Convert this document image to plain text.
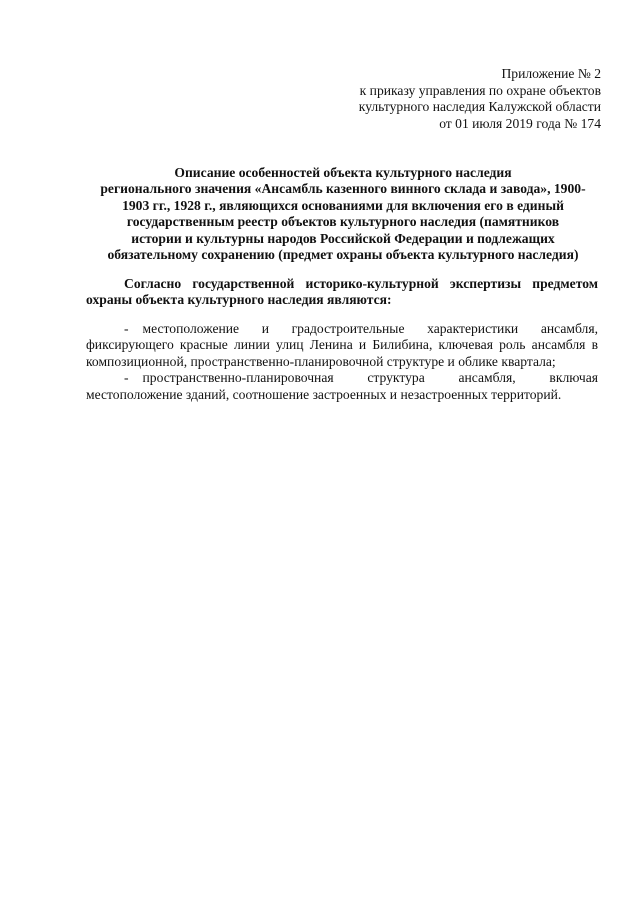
Приложение № 2
к приказу управления по охране объектов
культурного наследия Калужской области
от 01 июля 2019 года № 174
Описание особенностей объекта культурного наследия
регионального значения «Ансамбль казенного винного склада и завода», 1900-
1903 гг., 1928 г., являющихся основаниями для включения его в единый
государственным реестр объектов культурного наследия (памятников
истории и культурны народов Российской Федерации и подлежащих
обязательному сохранению (предмет охраны объекта культурного наследия)
Согласно государственной историко-культурной экспертизы предметом
охраны объекта культурного наследия являются:

- местоположение и градостроительные характеристики ансамбля, фиксирующего красные линии улиц Ленина и Билибина, ключевая роль ансамбля в композиционной, пространственно-планировочной структуре и облике квартала;

- пространственно-планировочная структура ансамбля, включая местоположение зданий, соотношение застроенных и незастроенных территорий.
